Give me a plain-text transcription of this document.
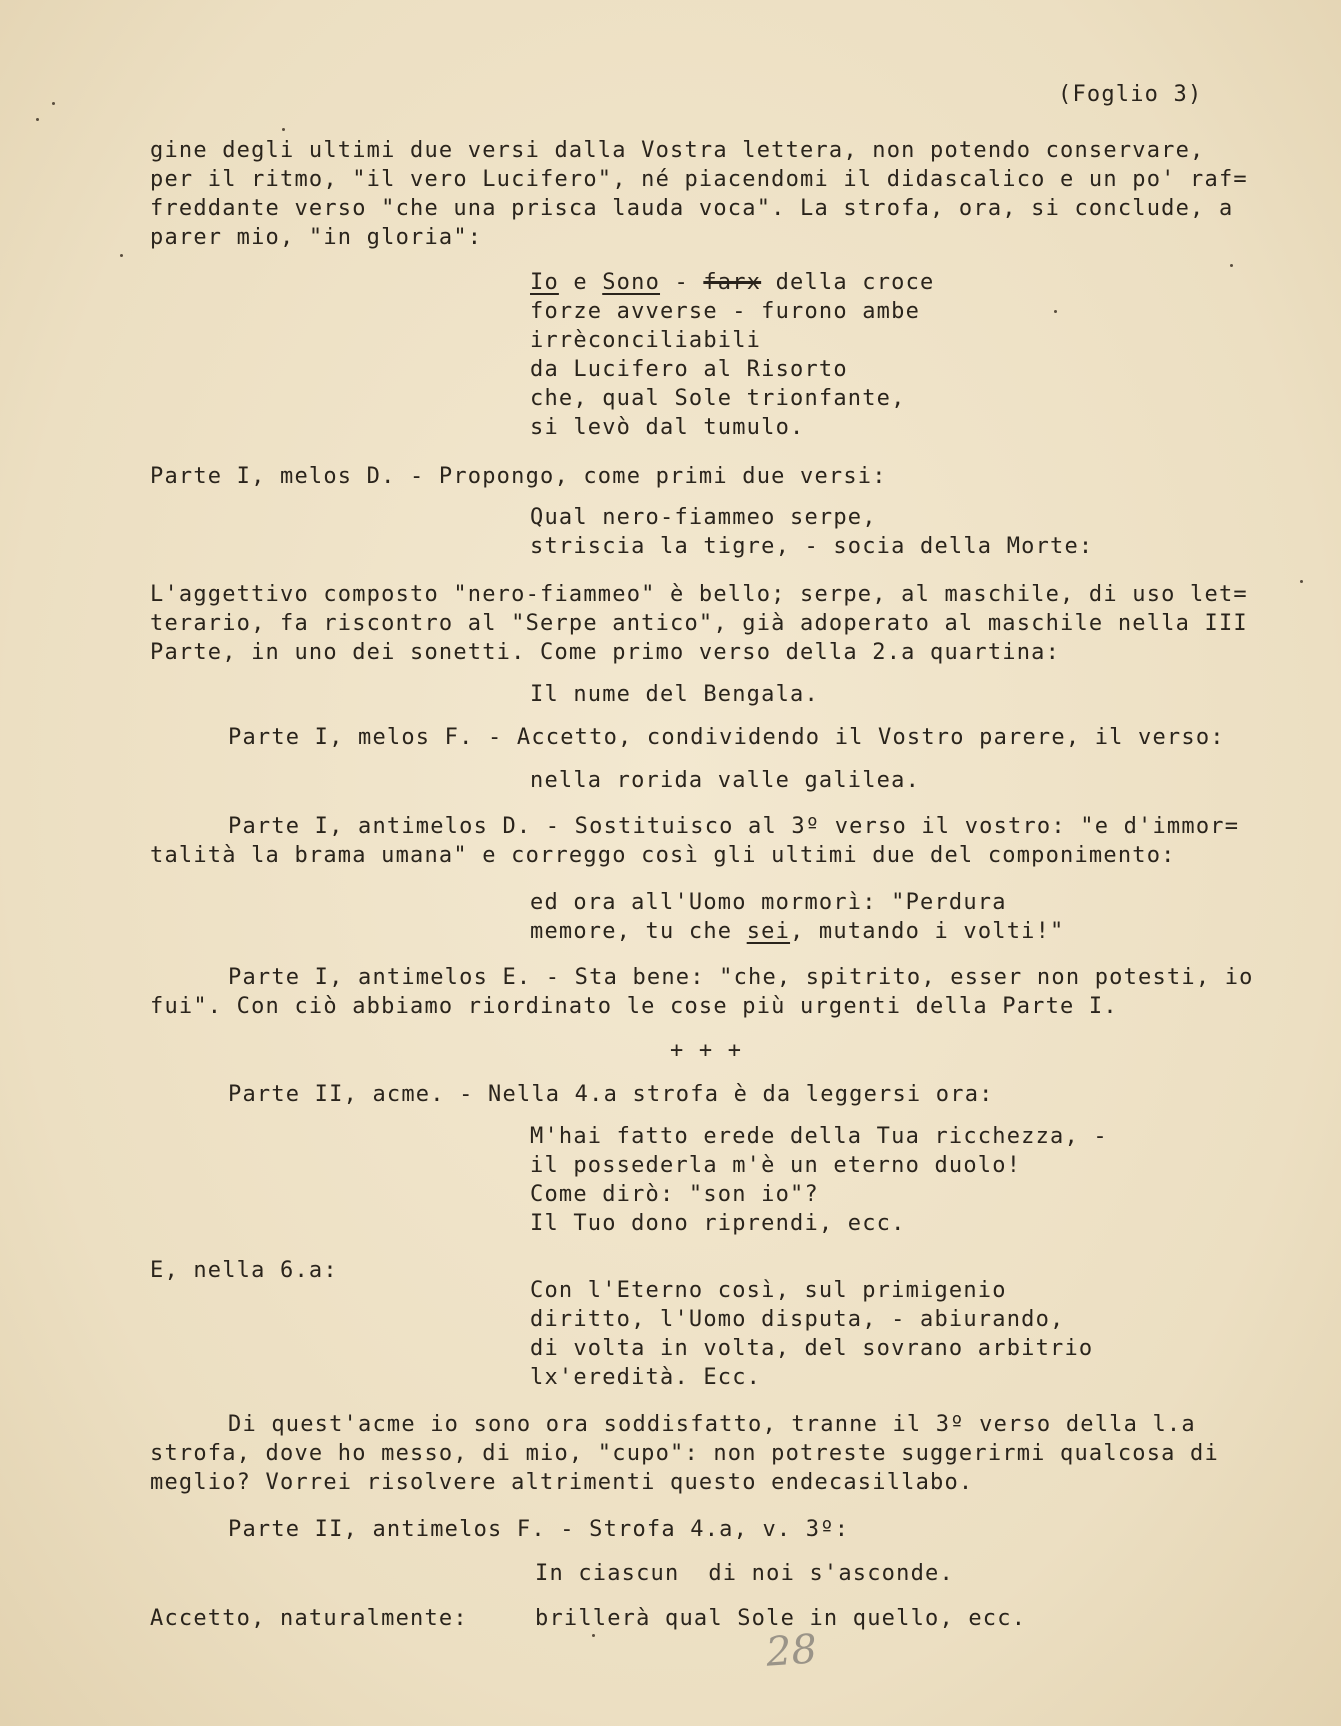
(Foglio 3)

gine degli ultimi due versi dalla Vostra lettera, non potendo conservare,

per il ritmo, "il vero Lucifero", né piacendomi il didascalico e un po' raf=

freddante verso "che una prisca lauda voca". La strofa, ora, si conclude, a

parer mio, "in gloria":

Io e Sono - farx della croce

forze avverse - furono ambe

irrèconciliabili

da Lucifero al Risorto

che, qual Sole trionfante,

si levò dal tumulo.

Parte I, melos D. - Propongo, come primi due versi:

Qual nero-fiammeo serpe,

striscia la tigre, - socia della Morte:

L'aggettivo composto "nero-fiammeo" è bello; serpe, al maschile, di uso let=

terario, fa riscontro al "Serpe antico", già adoperato al maschile nella III

Parte, in uno dei sonetti. Come primo verso della 2.a quartina:

Il nume del Bengala.

Parte I, melos F. - Accetto, condividendo il Vostro parere, il verso:

nella rorida valle galilea.

Parte I, antimelos D. - Sostituisco al 3º verso il vostro: "e d'immor=

talità la brama umana" e correggo così gli ultimi due del componimento:

ed ora all'Uomo mormorì: "Perdura

memore, tu che sei, mutando i volti!"

Parte I, antimelos E. - Sta bene: "che, spitrito, esser non potesti, io

fui". Con ciò abbiamo riordinato le cose più urgenti della Parte I.

+ + +

Parte II, acme. - Nella 4.a strofa è da leggersi ora:

M'hai fatto erede della Tua ricchezza, -

il possederla m'è un eterno duolo!

Come dirò: "son io"?

Il Tuo dono riprendi, ecc.

E, nella 6.a:

Con l'Eterno così, sul primigenio

diritto, l'Uomo disputa, - abiurando,

di volta in volta, del sovrano arbitrio

lx'eredità. Ecc.

Di quest'acme io sono ora soddisfatto, tranne il 3º verso della l.a

strofa, dove ho messo, di mio, "cupo": non potreste suggerirmi qualcosa di

meglio? Vorrei risolvere altrimenti questo endecasillabo.

Parte II, antimelos F. - Strofa 4.a, v. 3º:

In ciascun  di noi s'asconde.

Accetto, naturalmente:	brillerà qual Sole in quello, ecc.

28
